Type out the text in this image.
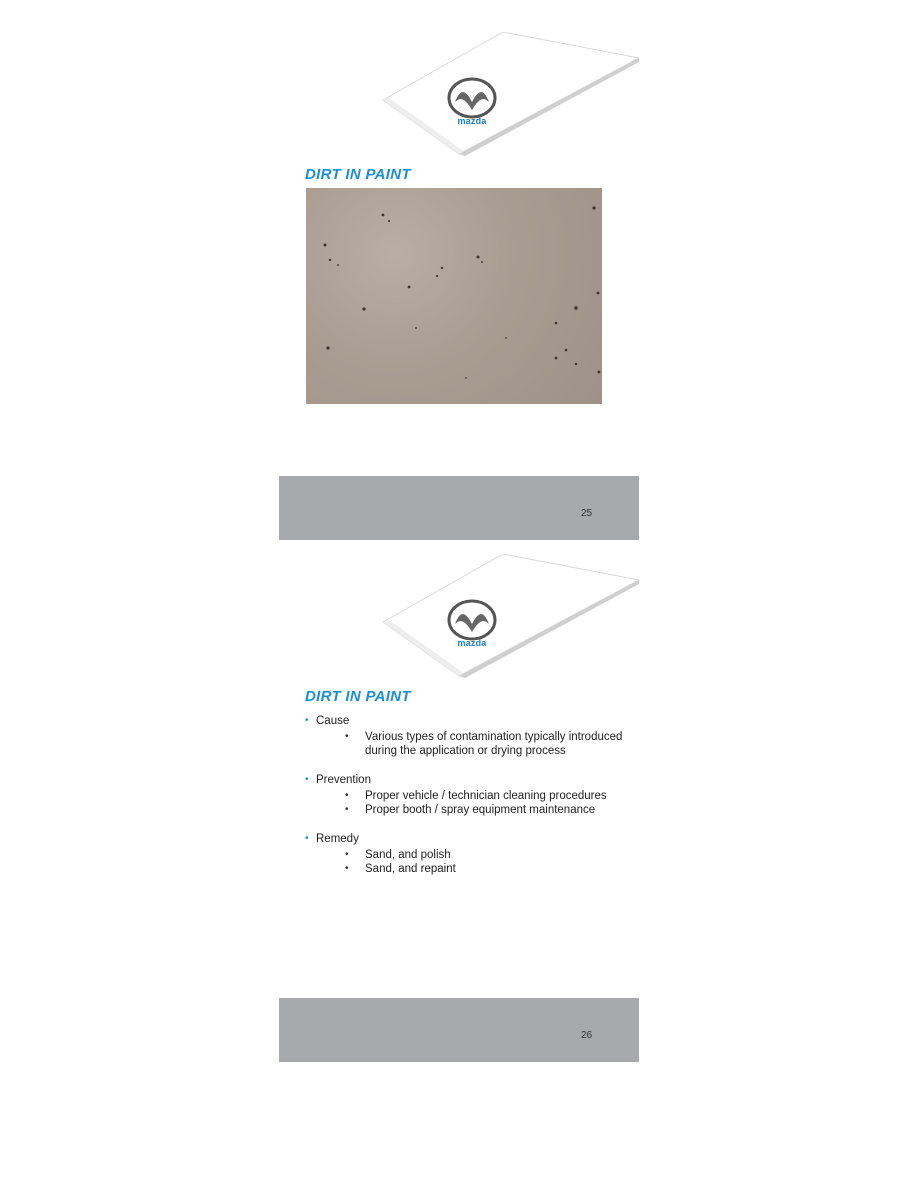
mazda
DIRT IN PAINT
25
mazda
DIRT IN PAINT
• Cause
• Various types of contamination typically introduced
during the application or drying process
• Prevention
• Proper vehicle / technician cleaning procedures
• Proper booth / spray equipment maintenance
• Remedy
• Sand, and polish
• Sand, and repaint
26
